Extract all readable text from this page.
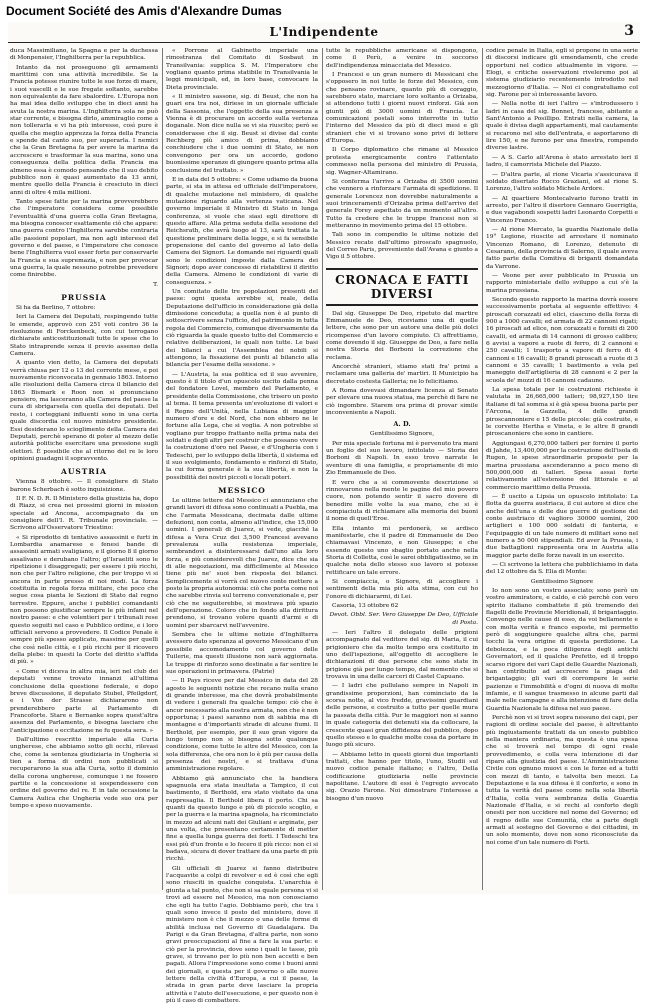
Document Société des Amis d'Alexandre Dumas
L'Indipendente	3

duca Massimiliano, la Spagna e per la duchessa di Monpensier, l'Inghilterra per la repubblica.

Intanto da noi proseguono gli armamenti marittimi con una attività incredibile. Se la Francia potesse riunire tutte le sue forze di mare, i suoi vascelli e le sue fregate soltanto, sarebbe non equivalente da fare sbalordire. L'Europa non ha mai idea dello sviluppo che in dieci anni ha avuta la nostra marina. L'Inghilterra sola ne può star corrente, e bisogna dirlo, ammiraglio come a non tollerarla e vi ha più interesse, così pure è quella che meglio apprezza la forza della Francia e spende dal canto suo, per superarla. I nemici che la Gran Bretagna fa per avere la marina da accrescere e trasformar la sua marina, sono una conseguenza della politica della Francia ma almeno essa è comodo pensando che il suo debito pubblico non è quasi aumentato da 13 anni, mentre quello della Francia è cresciuto in dieci anni di oltre 4 mila millioni.

Tanto spese fatte per la marina provverebbero che l'imperatore considera come possibile l'eventualità d'una guerra colla Gran Bretagna, ma bisogna conoscer esattamente ciò che appare: una guerra contro l'Inghilterra sarebbe contraria alle passioni popolari, ma non agli interessi del governo e del paese, e l'imperatore che conosce bene l'Inghilterra vuol esser forte per conservarle la Francia e sua supremazia, e non per provocar una guerra, la quale nessuno potrebbe prevedere come finirebbe.

T.
PRUSSIA

Si ha da Berlino, 7 ottobre:

Ieri la Camera dei Deputati, respingendo tutte le emende, approvò con 251 voti contro 36 la risoluzione di Forckenbeck, con cui terrogano dichiarate anticostituzionali tutte le spese che lo Stato intraprende senza il previo assenso della Camera.

A quanto vien detto, la Camera dei deputati verrà chiusa per 12 o 13 del corrente mese, e poi nuovamente riconvocata in gennaio 1863. Intorno alle risoluzioni della Camera circa il bilancio del 1863 Bismark e Roon non si pronunciano pensiero, ma lasceranno alla Camera del paese la cura di sbrigarsela con quella dei deputati. Del resto, i corteggiani influenti sono in una certa quale discordia col nuovo ministro presidente. Essi desiderano lo scioglimento della Camera dei Deputati, perchè sperano di poter al mezzo delle autorità politiche esercitare una pressione sugli elettori. È possibile che al ritorno del re le loro opinioni guadagni il sopravvento.

AUSTRIA

Vienna 8 ottobre. — Il consigliere di Stato barone Scherbach è sotto inquisizione.

Il F. N. D. R. Il Ministero della giustizia ha, dopo di Riazz, si crea nei prossimi giorni in mission speciale ad Ancona, accompagnato da un consigliere dell'I. R. Tribunale provinciale. — Scrivono all'Osservatore Triestino:

« Si riprodotto di tentativo assassinii e furti in Lombardia anamarese e fenesi bande di assassinii armati svaligiano, e il giorno 8 il giorno assalìvano e derubano l'altro; gl'Israeliti sono le ripetizione i disaggregati; per essere i più ricchi, non che per l'altro religione, che per troppo vi si ancora in parte presso di noi modi. La forza costituita in regola forza militare, che poco che segue cosa pianta le Sezioni di Stato dal regno terrestre. Eppure, anche i pubblici comandanti non possono giustificar sempre le più infami nel nostro paese: e che volentieri per i tribunali rese questo seguiti nel caso e Pubblico ordine, e i loro ufficiali servono a provvedere. Il Codice Penale è sempre più spesso applicato, massime per quelli che così nelle città, e i più ricchi per il ricovero della plebe: in questi la Corte del diritto s'affida di più. »

« Come vi diceva in altra mia, ieri nel club dei deputati venne trovato innanzi all'ultima conclusione della questione federale, e dopo breve discussione, il deputato Stubel, Pfeilgdorf, e i Von der Strasse dichiararono non prenderebbero parte al Parlamento di Francoforte. Stare e Bernanke sopra quest'altra assenza del Parlamento, e bisogna lasciare che l'anticipazione o eccitazione ne fu questa sera. »

Dall'ultimo rescritto imperiale alla Curia ungherese, che abbiamo sotto gli occhi, rilevasi che, come la sentenza giudiziaria in Ungheria si tien a forma di ordini non pubblicati si recuperarono la sua alla Curia, sotto il dominio della corona ungherese, comunque i ne fossero partite e la concessione si sospendessero con ordine del governo del re. E in tale occasione la Camera Aulica che Ungheria vede suo ora per tempo e speso nuovamente.

« Porrone al Gabinetto imperiale una rimostranza del Comitato di Sosbaut in Transilvania: supplica S. M. l'Imperatore che vogliano quanto prima statibile in Transilvania le leggi municipali, ed, in loro base, convocare la Dieta provinciale.

« Il ministro sassone, sig. di Beust, che non ha guari era tra noi, diriese in un giornale ufficiale della Sassonia, che l'oggetto della sua presenza a Vienna è di procurare un accordo sulla vertenza doganale. Non dice nulla se vi sia riuscito; però se considerasse che il sig. Beust si divise dal conte Rechberg più amico di prima, dobbiamo conchiudere che i due uomini di Stato, se non convengono per ora un accordo, godono buonissime speranze di giungere quanto prima alla conclusione del trattato. »

E in data del 5 ottobre: « Come udiamo da buona parte, si sta in attesa ed ufficiale dell'imperatore, di qualche mutazione nel ministero, di qualche mutazione riguardo alla vertenza vaticana. Nel governo imperiale il Ministro di Stato in lunga conferenza, si vuole che siasi egli direttore di questo affare. Alla prima seduta della sessione del Reichsrath, che avrà luogo al 13, sarà trattata la questione preliminare della legge, e si fa sensibile propensione del canto del governo al lato della Camera dei Signori. Le domande nei riguardi quali sono le condizioni imposte dalla Camera dei Signori; dopo aver concesso di ristabilirsi il diritto della Camera. Almeno le condizioni di varie di conseguenza. »

Un comitato delle tre popolazioni presenti del paese: ogni questa avrebbe si, reale, della Deputazione dell'ufficio in considerazione già della dimissione conceduta; a quella non è al punto di sottoscrivere senza l'ufficio, del patrimonio in tutta regola del Commercio, comunque diversamente da ciò riguarda la quale questo tutto del Commercio e relative deliberazioni, le quali non tutte. Le basi dei bilanci a cui l'Assemblea dei nobili si attengono, la fissazione dei punti al bilancio alla bilancia per l'esame della sessione. »

— L'Austria, la sua politica ed il suo avvenire, questo è il titolo d'un opuscolo uscito dalla penna del fondatore Lovel, membro del Parlamento, e presidente della Commissione, che trisero un posto al tema. Il tema presenta un'evoluzione di valori e il Regno dell'Unità, nella Lubiana di maggior numero d'ore e del Nord, che non ebbero ne le fortune alla Lega, che si voglia. A non potrebbe si vogliano pur troppo frattanto nella prima nata dei soldati e degli altri per costruir che possano vivere la costruzione d'oro nel Paese, e d'Ungheria con i Tedeschi, per lo sviluppo della libertà, il sistema ed il suo svolgimento, fondamento e rinforzi di Stato, la cui forma generale è la sua libertà, e non la possibilità dei nostri piccoli e locali poteri.

MESSICO

Le ultime lettere dal Messico ci annunziano che grandi lavori di difesa sono continuati a Puebla, ma che l'armata Messicana, decimata dalle ultime defezioni, non conta, almeno all'indice, che 15,000 uomini. I generali di Juarez, si vede, giacchè la difesa a Vera Cruz dei 3,500 Francesi avevano prevalenza sulla resistenza imperiale, sembrandovi a disinteressarsi dall'uno alla loro forza, e più considerevoli che Juarez, dice che sia di alle negoziazioni, ma difficilmente al Messico tiene più ne' suoi ben risposta dei bilanci. Semplicemente si vorrà col nuovo conte mettere a posto la propria autonomia: ciò che porta come noi che sarebbe rinvia sul terreno convenzionale e, per ciò che ne seguiterebbe, si mostrava più spazio dell'operazione. Coloro che in fondo alla dirittura prendono, si trovano volere quanti d'armi e di uomini per sbarcarvi nell'avvenire.

Sembra che le ultime notizie d'Inghilterra avessero dato speranza al governo Messicano d'un possibile accomodamento col governo delle Tuilerie, ma questi illusione non sarà aggiornata. Le truppe di rinforzo sono destinate a far sentire le sue operazioni in primavera. (Patrie)

— Il Pays riceve per dal Messico in data del 28 agosto le seguenti notizie che recano nulla erano di grande interesse, ma che dovrà probabilmente di vedere i generali fra qualche tempo: ciò che è ancor necessario alla nostra armata, non che è non opportuna; i paesi saranno non di sabbia ma di montagne e d'importanti strade di alcune fiumi. Il Berthold, per esempio, per il suo gran vigore da lungo tempo non si bisogna sotto qualunque condizione, come tutte le altre del Messico, con la sola differenza, che ora non lo è più per causa della presenza dei nostri, e si trattava d'una amministrazione regolare.

Abbiamo già annunciato che la bandiera spagnuola era stata insultata a Tampico, il cui bastimento, il Berthold, era stato visitato da una rappresaglia. Il Berthold libera il porto. Chi sa quanti da questo lungo e più di piccolo scoglio, e per la guerra e la marina spagnola, ha ricominciato in mezzo ad alcuni nati dei Giuliani e arginate, per una volta, che presentano certamente di metter fine a quella lunga guerra dei forti. I Tedeschi tra essi più d'un fronte e lo fecero il più ricco: non ci si badava, sicura di dover trattare da una parte di più ricchi.

Gli ufficiali di Juarez si fanno distribuire l'acquavite a colpi di revolver e ed è così che egli sono riusciti in qualche conquista. L'anarchia è giunta a tal punto, che non si sa quale persona vi si trovi ad essere nel Messico, ma non conosciamo che egli ha tutto l'agio. Dobbiamo però, che tra i quali sono invece il posto del ministero, dove il ministero non è che il mezzo o una delle forme di abilità inclusa nel Governo di Guadalajara. Da Parigi e da Gran Bretagna, d'altra parte, non sono gravi preoccupazioni al fine a fare la sua parte: e ciò per la provincia, dove sono i quali le tasse, più grave, si trovano per lo più non ben accetti e ben pagati. Allora l'impressione sono come i buoni anni dei giornali, e questa per il governo o alle nuove lettere della civiltà d'Europa, a cui il paese, la strada in gran parte deve lasciare la propria attività e l'aiuto dell'esecuzione, e per questo non è più il caso di combattere.

tutte le repubbliche americane si dispongono, come il Perù, a venire in soccorso dell'indipendenza minacciata del Messico.

I Francesi e un gran numero di Messicani che s'opposero in noi tutte le forze del Messico, con che pensano rovinare, quanto più di coraggio, sarebbero stato, marciare loro soltanto a Orizaba, si attendono tutti i giorni nuovi rinforzi. Già son giunti più di 3000 uomini di Francia. Le comunicazioni postali sono interrotte in tutto l'interno del Messico da più di dieci mesi e gli stranieri che vi si trovano sono privi di lettere d'Europa.

Il Corpo diplomatico che rimane al Messico protesta energicamente contro l'attentato commesso nella persona del ministro di Prussia, sig. Wagner-Altamirano.

Si conferma l'arrivo a Orizaba di 3500 uomini che vennero a rinforzare l'armata di spedizione. Il generale Lorencez non dovrebbe naturalmente a suoi trinceramenti d'Orizaba prima dell'arrivo del generale Forey aspettato da un momento all'altro. Tutto fa credere che le truppe francesi non si metteranno in movimento prima del 15 ottobre.

Tali sono in compendio le ultime notizie del Messico recate dall'ultimo piroscafo spagnuolo, del Correo Paris, proveniente dall'Avana e giunto a Vigo il 5 ottobre.

CRONACA E FATTI DIVERSI

Dal sig. Giuseppe De Deo, ripetuto dal martire Emmanuele de Deo, riceviamo una di quelle lettere, che sono per un autore una delle più dolci ricompense d'un lavoro compiuto. Ci affrettiamo, come dovendo il sig. Giuseppe de Deo, a fare nella nostra Storia dei Borboni la correzione che reclama.

Ancorchè stranieri, stiamo stati fra' primi a reclamare una galleria de' martiri. Il Municipio ha decretato costesta Galleria; ne lo felicitiamo.

A Roma dovevasi dimandare licenza al Senato per elevare una nuova statua, ma perchè di fare ne ciò ingombre. Starem ora prima di provar simile inconveniente a Napoli.

A. D.
Gentilissimo Signore,

Per mia speciale fortuna mi è pervenuto tra mani un foglio del suo lavoro, intitolato — Storia dei Borboni di Napoli. In esso trovo narrate le sventure di una famiglia, e propriamente di mio Zio Emmanuele de Deo.

E vero che a si commovente descrizione si rinnovarono nella mente le pagine del mio povero cuore, non potendo sentir il sacro dovere di benedire mille volte la sua mano, che si è compiaciuta di richiamare alla memoria dei buoni il nome di quell'Eroe.

Ella intanto mi perdonerà, se ardisco manifestarle, che il padre di Emmanuele de Deo chiamavasi Vincenzo, e non Giuseppe; e che essendo questo uno sbaglio portato anche nella Storia di Colletta, così le sarei obbligatissimo, se in qualche nota dello stesso suo lavoro si potesse rettificare un tale errore.

Si compiaccia, o Signore, di accogliere i sentimenti della mia più alta stima, con cui ho l'onore di dichiararmi, di Lei.

Casoria, 13 ottobre 62

Devot. Obbl. Ser. Vero Giuseppe De Deo, Ufficiale di Posta.

— Ieri l'altro il delegato delle prigioni accompagnato dal veditore del sig. di Maria, il cui prigioniero che da molto tempo era costituito in uno dell'ispezione, all'oggetto di accogliere le dichiarazioni di due persone che sono state in prigione già per lungo tempo, dal momento che si trovava in una delle carceri di Castel Capuano.

— I ladri che pullulano sempre in Napoli in grandissime proporzioni, han cominciato da la scorsa notte, al vico fredde, gravissimi guardiani delle persone, e costruito a tutto per quelle mura la passata della città. Pur le maggiori non si sanno in quale categoria dei detenuti sia da collocare, la crescente quasi gran diffidenza del pubblico, dopo quello stesso e lo qualche molte cosa da portare in luogo più sicuro.

— Abbiamo letto in questi giorni due importanti trattati, che hanno per titolo, l'uno, Studii sul nuovo codice penale italiano; e l'altro, Della codificazione giudiziaria nelle provincie napolitane. L'autore di essi è l'egregio avvocato sig. Orazio Farone. Noi dimostrare l'interesse a bisogno d'un nuovo

codice penale in Italia, egli si propone in una serie di discorsi indicare gli emendamenti, che crede opportuni nel codice attualmente in vigore. — Elogi, e critiche osservazioni riveleremo poi al sistema giudiziario recentemente introdotto nel mezzogiorno d'Italia. — Noi ci congratuliamo col sig. Farone per sì interessante lavoro.

— Nella notte di ieri l'altro — s'introdussero i ladri in casa del sig. Bonnet, francese, abitante a Sant'Antonio a Posillipo. Entrati nella camera, la quale è divisa dagli appartamenti, mal cautamente si recarono nel sito dell'entrata, e asportarono di lire 150, e ne furono per una finestra, rompendo diverse lastre.

— A S. Carlo all'Arena è stato arrestato ieri il ladro, il camorrista Michele del Piazzo.

— D'altra parte, al rione Vicaria s'assicurava il soldato disertato Rocco Graziani, ed al rione S. Lorenzo, l'altro soldato Michele Ardore.

— Al quartiere Montecalvario furono tratti in arresto, per l'altro il disertore Gennaro Guerriglia, e due vagabondi sospetti ladri Leonardo Corpetti e Vincenzo Franco.

— Al rione Mercato, la guardia Nazionale della 19° Legione, riuscite ad arrestare il nominato Vincenzo Romano, di Lorenzo, detenuto di Cesarano, della provincia di Salerno, il quale aveva fatto parte della Comitiva di briganti domandata da Varrone.

— Veone per aver pubblicato in Prussia un rapporto ministeriale dello sviluppo a cui s'è la marina prussiana.

Secondo questo rapporto la marina dovrà essere successivamente portata al seguente effettivo: 4 piroscafi corazzati ed elici, ciascuno della forza di 900 a 1000 cavalli; ed armata di 22 cannoni rigati; 16 piroscafi ad elice, non corazzati e forniti di 200 cavalli, ed armata di 14 cannoni di grosso calibro; 6 avvisi a vapore a ruote di ferro, di 2 cannoni e 250 cavalli; 1 trasporto a vapore di ferro di 4 cannoni e 16 cavalli; 8 grandi piroscafi a ruote di 3 cannoni e 35 cavalli; 1 bastimento a vela pel maneggio dell'artiglieria di 28 cannoni e 2 per la scuola de' mozzi di 16 cannoni cadauno.

La spesa totale per le costruzioni richieste è valutata in 26,665,000 talleri; 98,927,150 lire italiane di tal somma si è già spesa buona parte per l'Arcona, la Gazzella, 4 delle grandi piroscannoniere e 15 delle piccole: già costruite, e le corvette Hertha e Vineta, e le altre 8 grandi piroscanoniere che sono in cantiere.

Aggiungasi 6,270,000 talleri per fornire il porto di Jahde, 13,400,000 per la costruzione dell'isola di Rugen, le spese straordinarie proposte per la marina prussiana ascenderanno a poco meno di 500,000,000 di talleri. Spesa assai forte relativamente all'estensione del littorale e al commercio marittimo della Prussia.

— È uscito a Lipsia un opuscolo intitolato: La flotta da guerra austriaca, il cui autore si dice che anche dell'una e delle due guerre di gestione del conte austriaco di vaglioro 30000 uomini, 200 artiglieri e 100 000 soldati di fanteria, e l'equipaggio di un tale numero di militari sono nel numero a 50 000 stipendiali. Ed aver la Prussia, i due battaglioni rappresenta ora in Austria alla maggior parte delle forze navali in un esercito.

— Ci scrivono la lettera che pubblichiamo in data del 12 ottobre da S. Elia di Monte:

Gentilissimo Signore

Io non sono un vostro associato; sono però un vostro ammiratore, e caldo, e ciò perchè con vero spirito italiano combattete il più tremendo dei flagelli delle Provincie Meridionali, il brigantaggio. Convengo nelle cause di esso, da voi bellamente e con molta verità e franco esposte, mi permetto però di soggiungere qualche altra che, parmi tocchi la vera origine di questa perdizione. La debolezza, e la poca diligenza degli antichi Governatori, ed il qualche Prefetto, ed il troppo scarso rigore dei vari Capi delle Guardie Nazionali, han contribuito ad accrescere la piaga del brigantaggio; gli vari di corrompere le serie pazienze e l'immobilità e d'ogni di nuova di molte infamie, e il sangue trasmesso in alcune parti dal male nelle campagne e alla intenzione di fare della Guardia Nazionale la difesa nel suo paese.

Perchè non vi si trovi sopra nessuno dei capi, per ragioni di ordine sociale del paese, è altrettanto più ingiustamente trattati da un onesto pubblico nella maniera ordinaria, ma questa è una spesa che si troverà nel tempo di ogni reale provvedimento, e colla vera intenzione di dar riparo alla giustizia del paese. L'Amministrazione Civile con ognuno muovi e con le forze ed a tutti con mezzi di tanto, e talvolta ben mezzi. La Deputazione e la sua difesa è il conforto, e sono in tutta la verità del paese come nella sola libertà d'Italia, colla vera sembranza della Guardia Nazionale d'Italia, e si rechi al conforto degli onesti per non uccidere nel nome del Governo; ed il regno delle sue Comunità, che a parte degli armati al sostegno del Governo e dei cittadini, in un solo momento, dove non sono riconosciute da noi come d'un tale numero di Forti.
